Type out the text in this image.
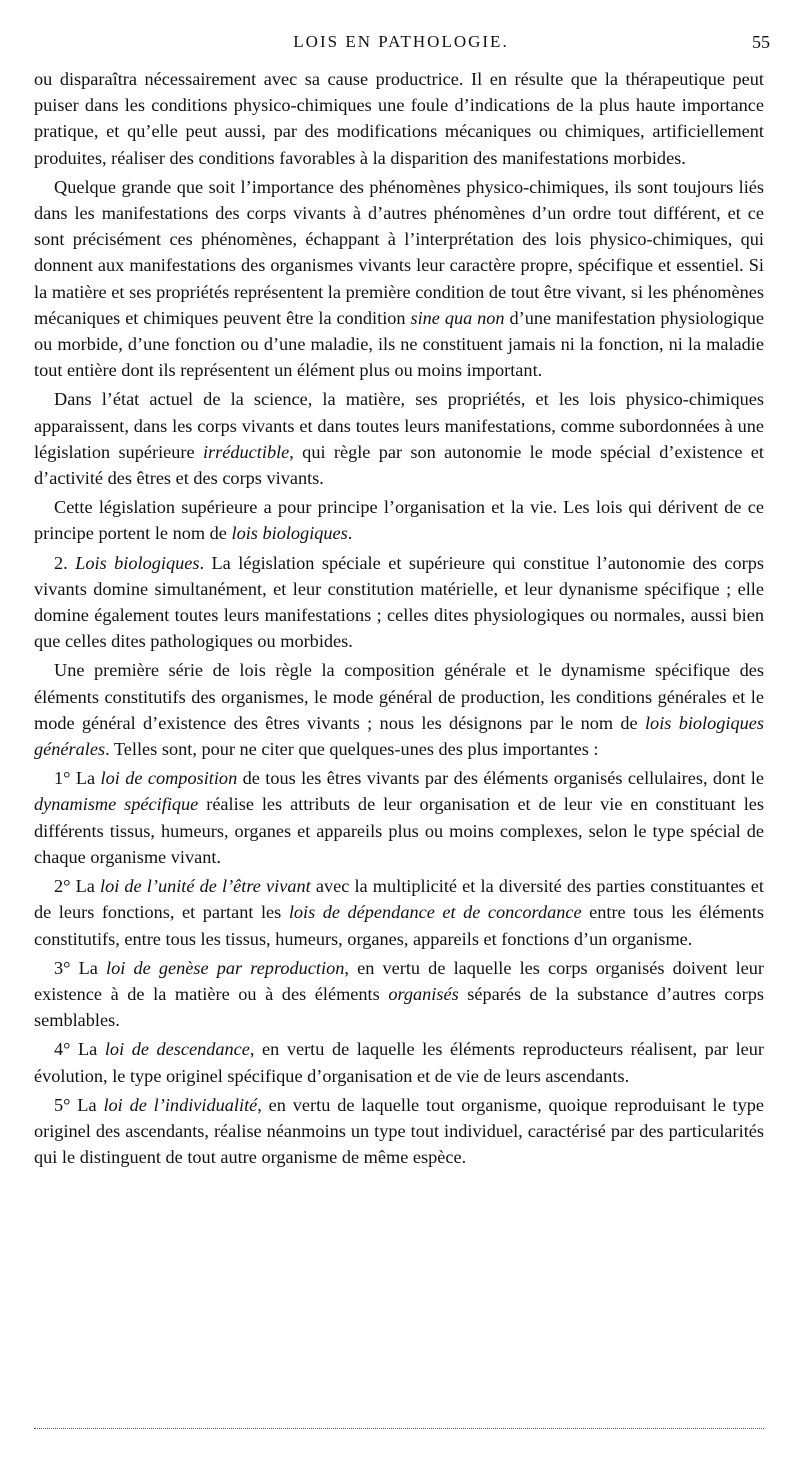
LOIS EN PATHOLOGIE.	55

ou disparaîtra nécessairement avec sa cause productrice. Il en résulte que la thérapeutique peut puiser dans les conditions physico-chimiques une foule d’indications de la plus haute importance pratique, et qu’elle peut aussi, par des modifications mécaniques ou chimiques, artificiellement produites, réaliser des conditions favorables à la disparition des manifestations morbides.

Quelque grande que soit l’importance des phénomènes physico-chimiques, ils sont toujours liés dans les manifestations des corps vivants à d’autres phénomènes d’un ordre tout différent, et ce sont précisément ces phénomènes, échappant à l’interprétation des lois physico-chimiques, qui donnent aux manifestations des organismes vivants leur caractère propre, spécifique et essentiel. Si la matière et ses propriétés représentent la première condition de tout être vivant, si les phénomènes mécaniques et chimiques peuvent être la condition sine qua non d’une manifestation physiologique ou morbide, d’une fonction ou d’une maladie, ils ne constituent jamais ni la fonction, ni la maladie tout entière dont ils représentent un élément plus ou moins important.

Dans l’état actuel de la science, la matière, ses propriétés, et les lois physico-chimiques apparaissent, dans les corps vivants et dans toutes leurs manifestations, comme subordonnées à une législation supérieure irréductible, qui règle par son autonomie le mode spécial d’existence et d’activité des êtres et des corps vivants.

Cette législation supérieure a pour principe l’organisation et la vie. Les lois qui dérivent de ce principe portent le nom de lois biologiques.

2. Lois biologiques. La législation spéciale et supérieure qui constitue l’autonomie des corps vivants domine simultanément, et leur constitution matérielle, et leur dynanisme spécifique ; elle domine également toutes leurs manifestations ; celles dites physiologiques ou normales, aussi bien que celles dites pathologiques ou morbides.

Une première série de lois règle la composition générale et le dynamisme spécifique des éléments constitutifs des organismes, le mode général de production, les conditions générales et le mode général d’existence des êtres vivants ; nous les désignons par le nom de lois biologiques générales. Telles sont, pour ne citer que quelques-unes des plus importantes :

1° La loi de composition de tous les êtres vivants par des éléments organisés cellulaires, dont le dynamisme spécifique réalise les attributs de leur organisation et de leur vie en constituant les différents tissus, humeurs, organes et appareils plus ou moins complexes, selon le type spécial de chaque organisme vivant.

2° La loi de l’unité de l’être vivant avec la multiplicité et la diversité des parties constituantes et de leurs fonctions, et partant les lois de dépendance et de concordance entre tous les éléments constitutifs, entre tous les tissus, humeurs, organes, appareils et fonctions d’un organisme.

3° La loi de genèse par reproduction, en vertu de laquelle les corps organisés doivent leur existence à de la matière ou à des éléments organisés séparés de la substance d’autres corps semblables.

4° La loi de descendance, en vertu de laquelle les éléments reproducteurs réalisent, par leur évolution, le type originel spécifique d’organisation et de vie de leurs ascendants.

5° La loi de l’individualité, en vertu de laquelle tout organisme, quoique reproduisant le type originel des ascendants, réalise néanmoins un type tout individuel, caractérisé par des particularités qui le distinguent de tout autre organisme de même espèce.
